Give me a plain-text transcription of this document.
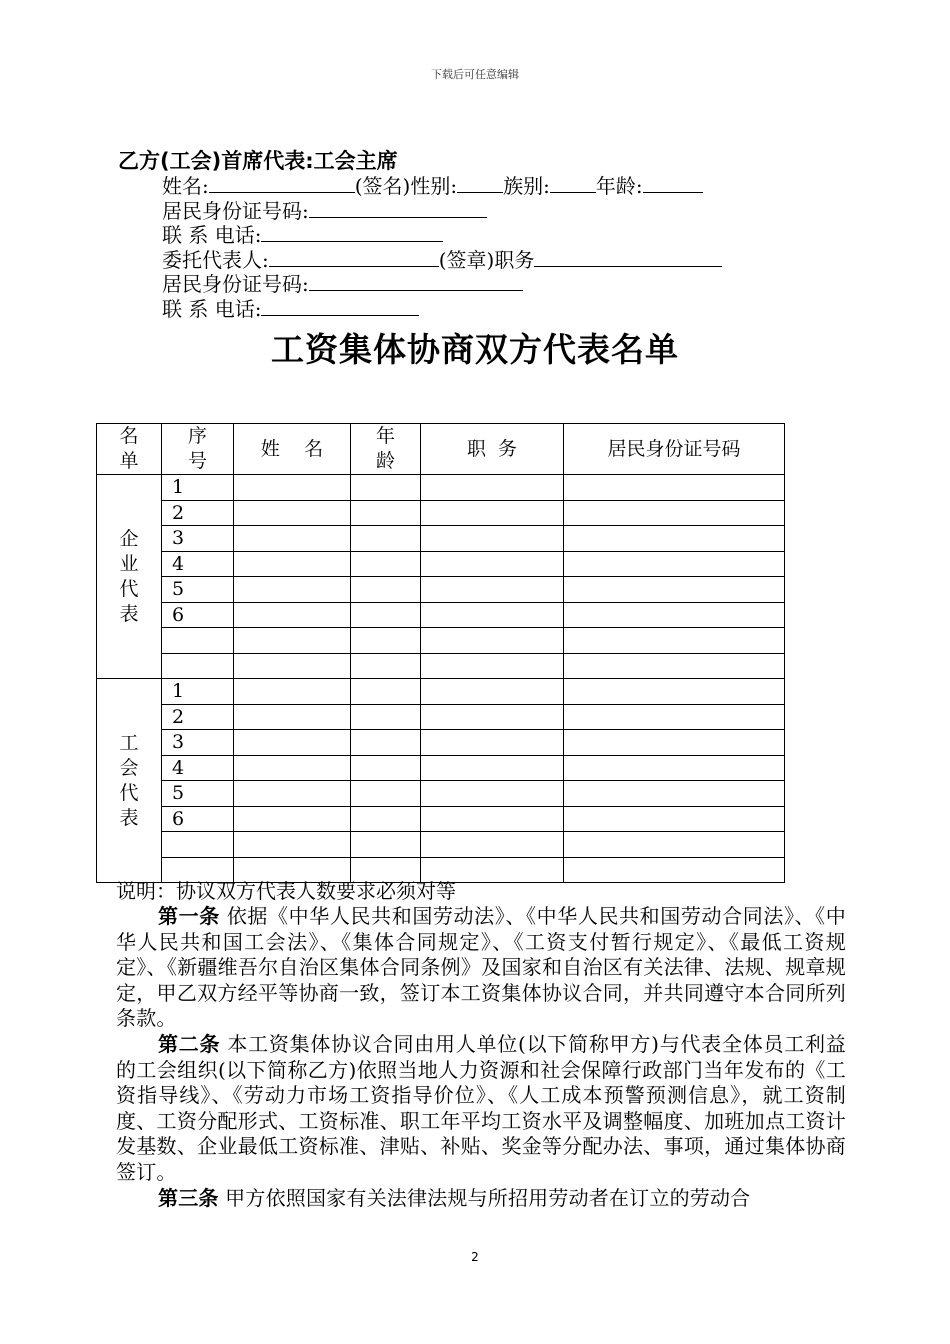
下载后可任意编辑
乙方(工会)首席代表:工会主席
姓名:	(签名)性别: 族别: 年龄:
居民身份证号码:
联 系 电话:
委托代表人:	(签章)职务
居民身份证号码:
联 系 电话:
工资集体协商双方代表名单
名单	序号	姓    名	年龄	职  务	居民身份证号码
企业代表	1				
	2				
	3				
	4				
	5				
	6				

工会代表	1				
	2				
	3				
	4				
	5				
	6				

说明：协议双方代表人数要求必须对等
第一条 依据《中华人民共和国劳动法》、《中华人民共和国劳动合同法》、《中华人民共和国工会法》、《集体合同规定》、《工资支付暂行规定》、《最低工资规定》、《新疆维吾尔自治区集体合同条例》及国家和自治区有关法律、法规、规章规定，甲乙双方经平等协商一致，签订本工资集体协议合同，并共同遵守本合同所列条款。
第二条 本工资集体协议合同由用人单位(以下简称甲方)与代表全体员工利益的工会组织(以下简称乙方)依照当地人力资源和社会保障行政部门当年发布的《工资指导线》、《劳动力市场工资指导价位》、《人工成本预警预测信息》，就工资制度、工资分配形式、工资标准、职工年平均工资水平及调整幅度、加班加点工资计发基数、企业最低工资标准、津贴、补贴、奖金等分配办法、事项，通过集体协商签订。
第三条 甲方依照国家有关法律法规与所招用劳动者在订立的劳动合
2
